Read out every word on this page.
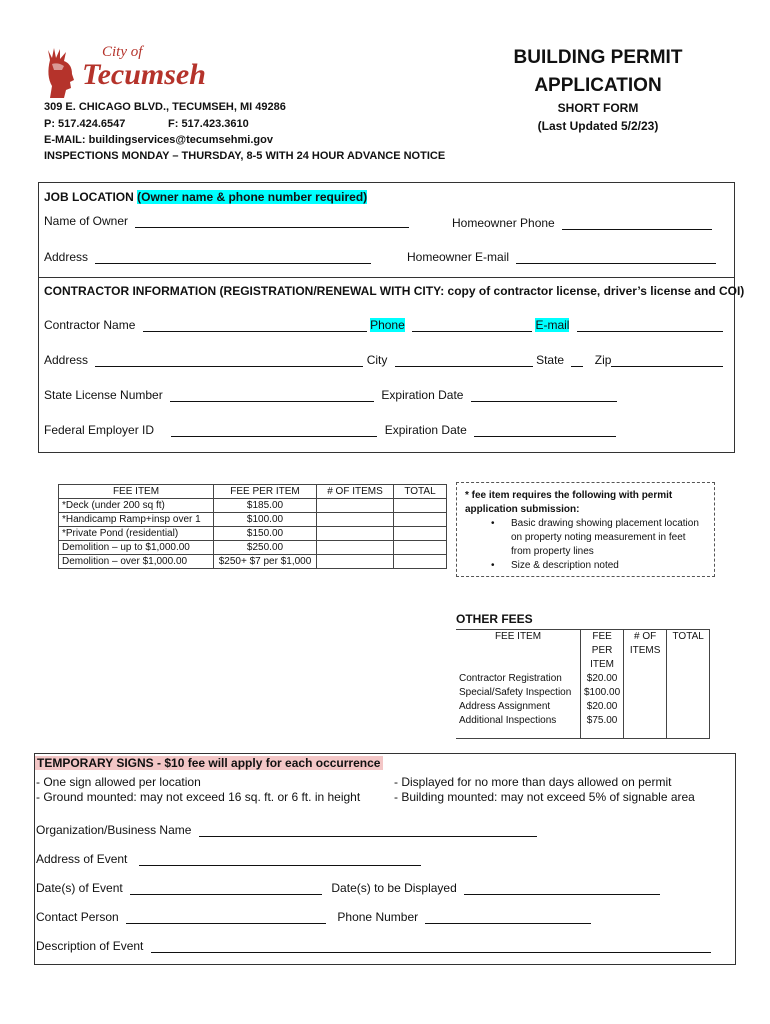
City of
Tecumseh
309 E. CHICAGO BLVD., TECUMSEH, MI 49286
P: 517.424.6547	F: 517.423.3610
E-MAIL: buildingservices@tecumsehmi.gov
INSPECTIONS MONDAY – THURSDAY, 8-5 WITH 24 HOUR ADVANCE NOTICE
BUILDING PERMIT
APPLICATION
SHORT FORM
(Last Updated 5/2/23)
JOB LOCATION (Owner name & phone number required)
Name of Owner	Homeowner Phone
Address	Homeowner E-mail
CONTRACTOR INFORMATION (REGISTRATION/RENEWAL WITH CITY: copy of contractor license, driver’s license and COI)
Contractor Name	Phone	E-mail
Address	City	State	Zip
State License Number	Expiration Date
Federal Employer ID	Expiration Date
FEE ITEM	FEE PER ITEM	# OF ITEMS	TOTAL
*Deck (under 200 sq ft)	$185.00		
*Handicamp Ramp+insp over 1	$100.00		
*Private Pond (residential)	$150.00		
Demolition – up to $1,000.00	$250.00		
Demolition – over $1,000.00	$250+ $7 per $1,000		
* fee item requires the following with permit application submission:
• Basic drawing showing placement location on property noting measurement in feet from property lines
• Size & description noted
OTHER FEES
FEE ITEM	FEE PER ITEM	# OF ITEMS	TOTAL
Contractor Registration	$20.00		
Special/Safety Inspection	$100.00		
Address Assignment	$20.00		
Additional Inspections	$75.00		

TEMPORARY SIGNS - $10 fee will apply for each occurrence
- One sign allowed per location
- Ground mounted: may not exceed 16 sq. ft. or 6 ft. in height
- Displayed for no more than days allowed on permit
- Building mounted: may not exceed 5% of signable area
Organization/Business Name
Address of Event
Date(s) of Event	Date(s) to be Displayed
Contact Person	Phone Number
Description of Event
